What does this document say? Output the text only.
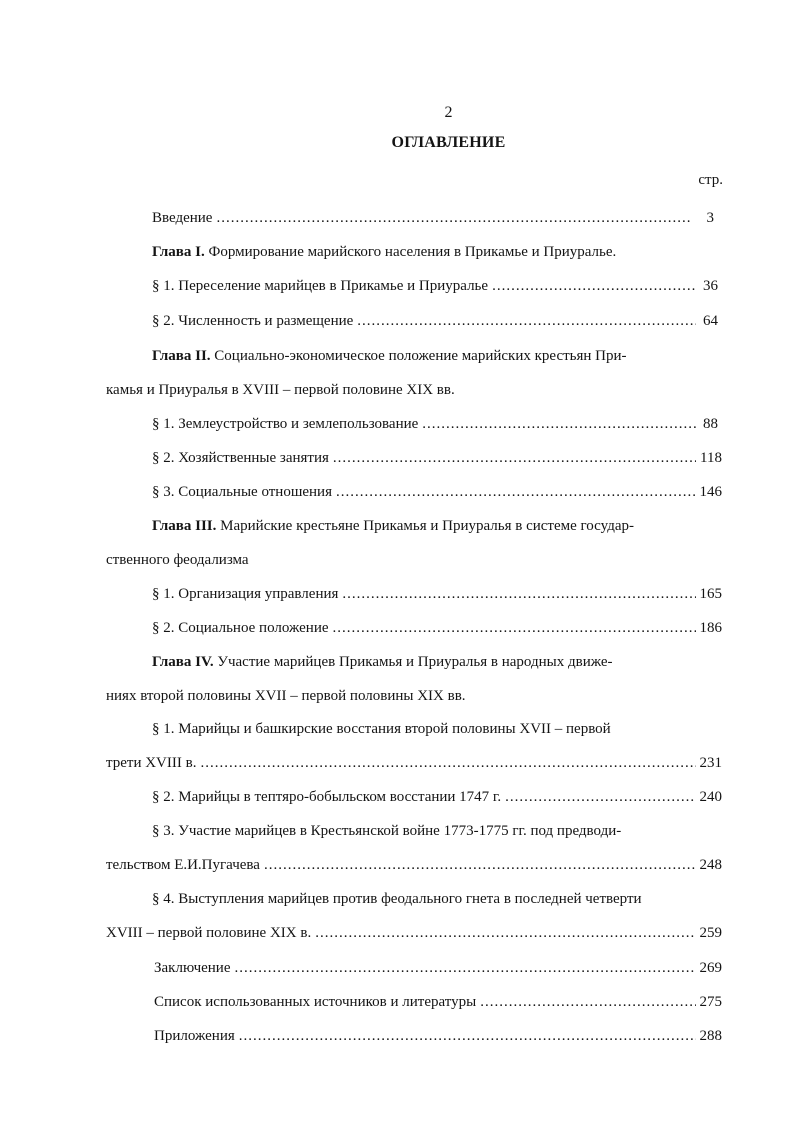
2
ОГЛАВЛЕНИЕ
стр.
Введение .....	3
Глава I. Формирование марийского населения в Прикамье и Приуралье.
§ 1. Переселение марийцев в Прикамье и Приуралье .....	36
§ 2. Численность и размещение .....	64
Глава II. Социально-экономическое положение марийских крестьян При-
камья и Приуралья в XVIII – первой половине XIX вв.
§ 1. Землеустройство и землепользование .....	88
§ 2. Хозяйственные занятия .....	118
§ 3. Социальные отношения .....	146
Глава III. Марийские крестьяне Прикамья и Приуралья в системе государ-
ственного феодализма
§ 1. Организация управления .....	165
§ 2. Социальное положение .....	186
Глава IV. Участие марийцев Прикамья и Приуралья в народных движе-
ниях второй половины XVII – первой половины XIX вв.
§ 1. Марийцы и башкирские восстания второй половины XVII – первой
трети XVIII в. .....	231
§ 2. Марийцы в тептяро-бобыльском восстании 1747 г. .....	240
§ 3. Участие марийцев в Крестьянской войне 1773-1775 гг. под предводи-
тельством Е.И.Пугачева .....	248
§ 4. Выступления марийцев против феодального гнета в последней четверти
XVIII – первой половине XIX в. .....	259
Заключение .....	269
Список использованных источников и литературы .....	275
Приложения .....	288
